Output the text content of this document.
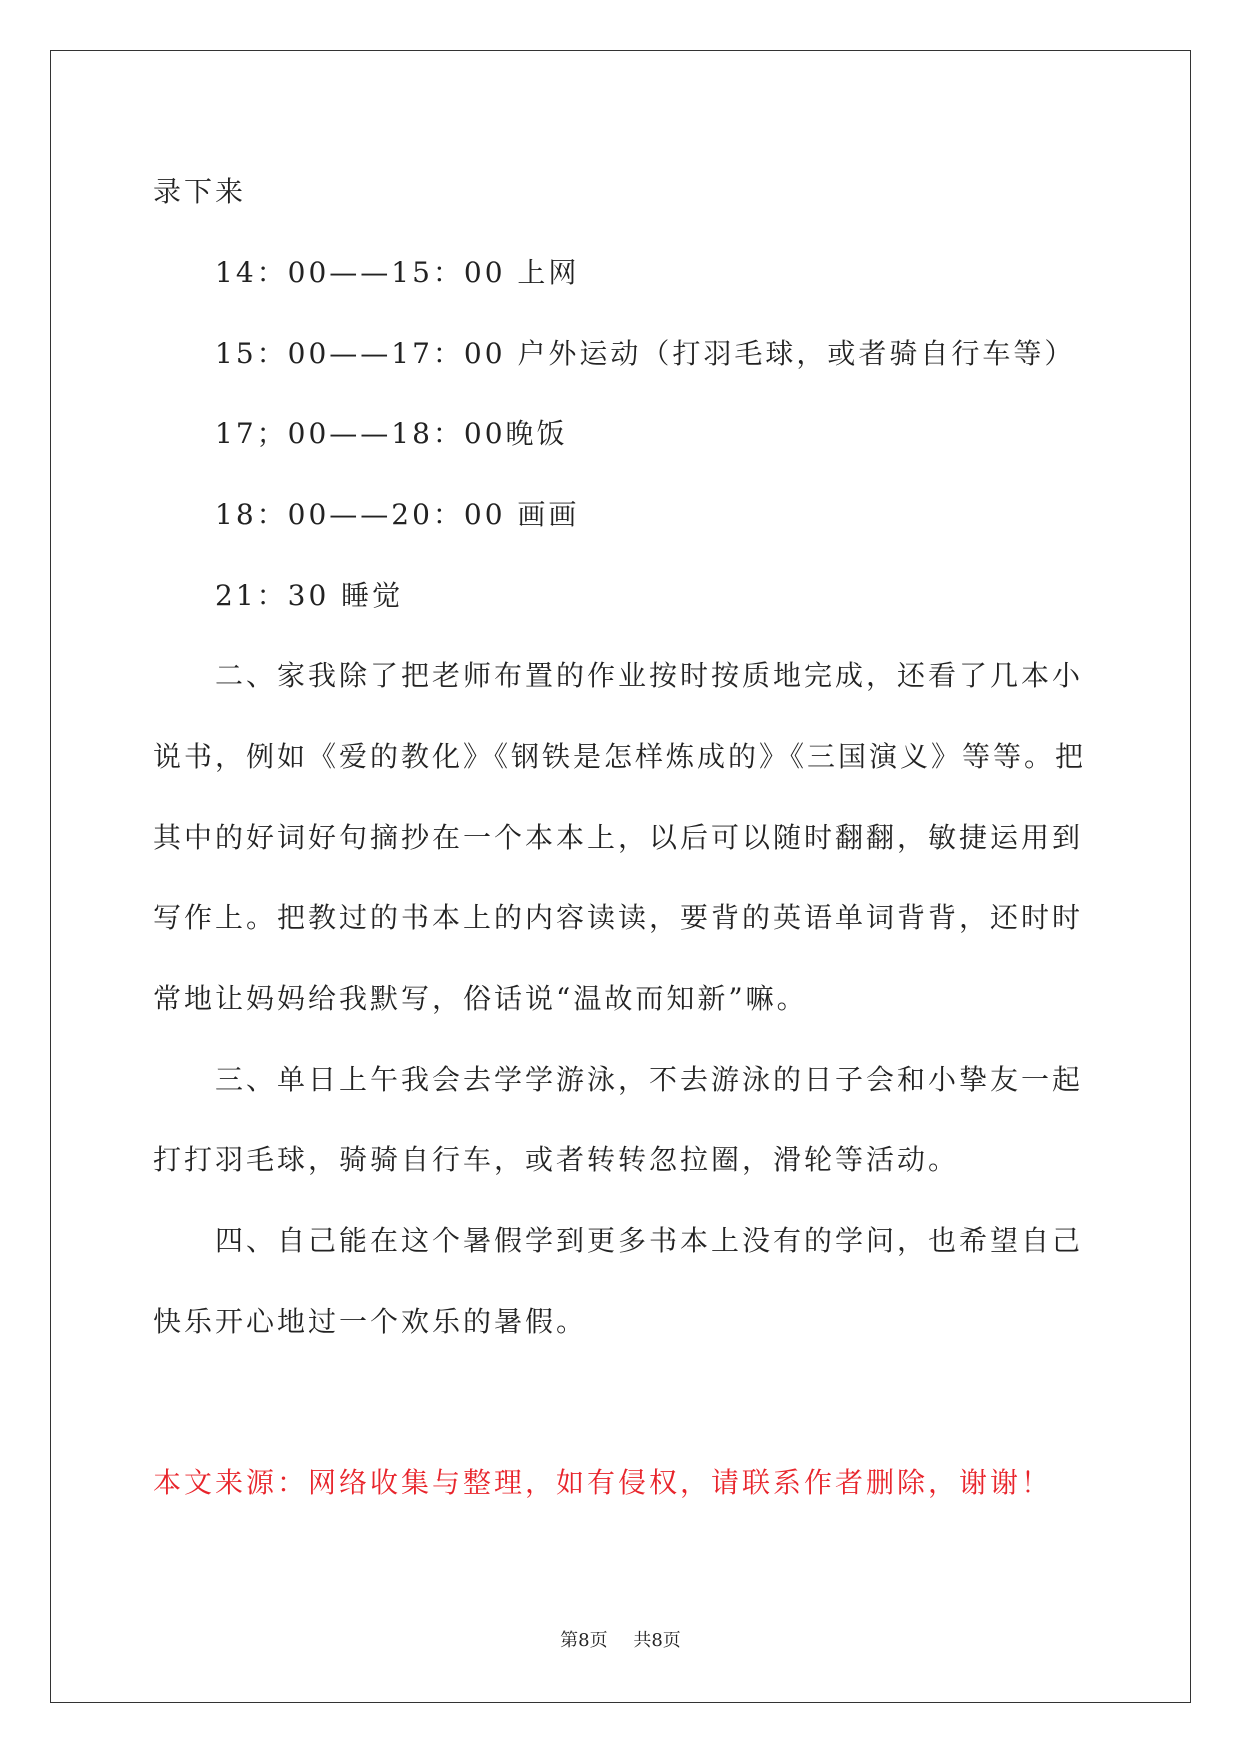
录下来
14：00——15：00 上网
15：00——17：00 户外运动（打羽毛球，或者骑自行车等）
17；00——18：00晚饭
18：00——20：00 画画
21：30 睡觉
二、家我除了把老师布置的作业按时按质地完成，还看了几本小
说书，例如《爱的教化》《钢铁是怎样炼成的》《三国演义》等等。把
其中的好词好句摘抄在一个本本上，以后可以随时翻翻，敏捷运用到
写作上。把教过的书本上的内容读读，要背的英语单词背背，还时时
常地让妈妈给我默写，俗话说“温故而知新”嘛。
三、单日上午我会去学学游泳，不去游泳的日子会和小挚友一起
打打羽毛球，骑骑自行车，或者转转忽拉圈，滑轮等活动。
四、自己能在这个暑假学到更多书本上没有的学问，也希望自己
快乐开心地过一个欢乐的暑假。
本文来源：网络收集与整理，如有侵权，请联系作者删除，谢谢！
第8页 共8页
